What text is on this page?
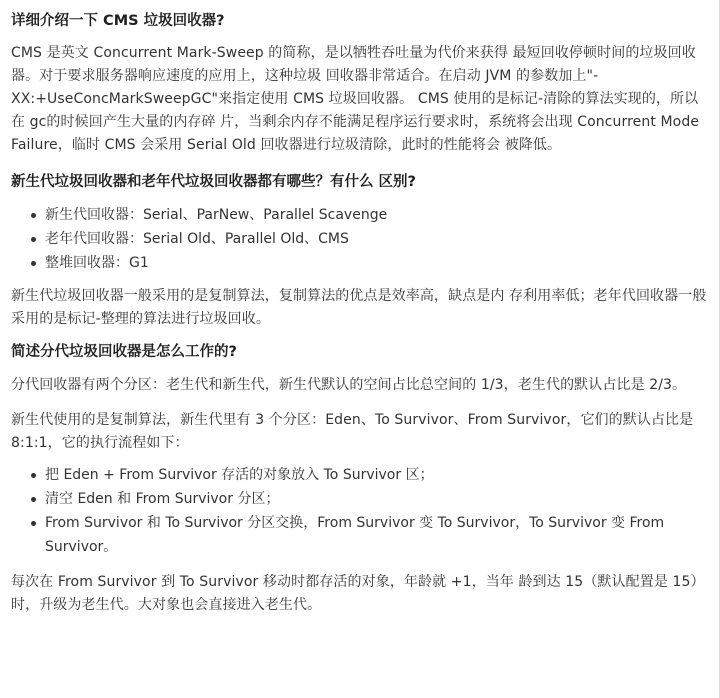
详细介绍一下 CMS 垃圾回收器?

CMS 是英文 Concurrent Mark-Sweep 的简称，是以牺牲吞吐量为代价来获得 最短回收停顿时间的垃圾回收器。对于要求服务器响应速度的应用上，这种垃圾 回收器非常适合。在启动 JVM 的参数加上"-XX:+UseConcMarkSweepGC"来指定使用 CMS 垃圾回收器。 CMS 使用的是标记-清除的算法实现的，所以在 gc的时候回产生大量的内存碎 片，当剩余内存不能满足程序运行要求时，系统将会出现 Concurrent Mode Failure，临时 CMS 会采用 Serial Old 回收器进行垃圾清除，此时的性能将会 被降低。

新生代垃圾回收器和老年代垃圾回收器都有哪些？有什么 区别?
新生代回收器：Serial、ParNew、Parallel Scavenge
老年代回收器：Serial Old、Parallel Old、CMS
整堆回收器：G1

新生代垃圾回收器一般采用的是复制算法，复制算法的优点是效率高，缺点是内 存利用率低；老年代回收器一般采用的是标记-整理的算法进行垃圾回收。

简述分代垃圾回收器是怎么工作的?

分代回收器有两个分区：老生代和新生代，新生代默认的空间占比总空间的 1/3，老生代的默认占比是 2/3。

新生代使用的是复制算法，新生代里有 3 个分区：Eden、To Survivor、From Survivor，它们的默认占比是 8:1:1，它的执行流程如下：

把 Eden + From Survivor 存活的对象放入 To Survivor 区；
清空 Eden 和 From Survivor 分区；
From Survivor 和 To Survivor 分区交换，From Survivor 变 To Survivor，To Survivor 变 From Survivor。

每次在 From Survivor 到 To Survivor 移动时都存活的对象，年龄就 +1，当年 龄到达 15（默认配置是 15）时，升级为老生代。大对象也会直接进入老生代。
